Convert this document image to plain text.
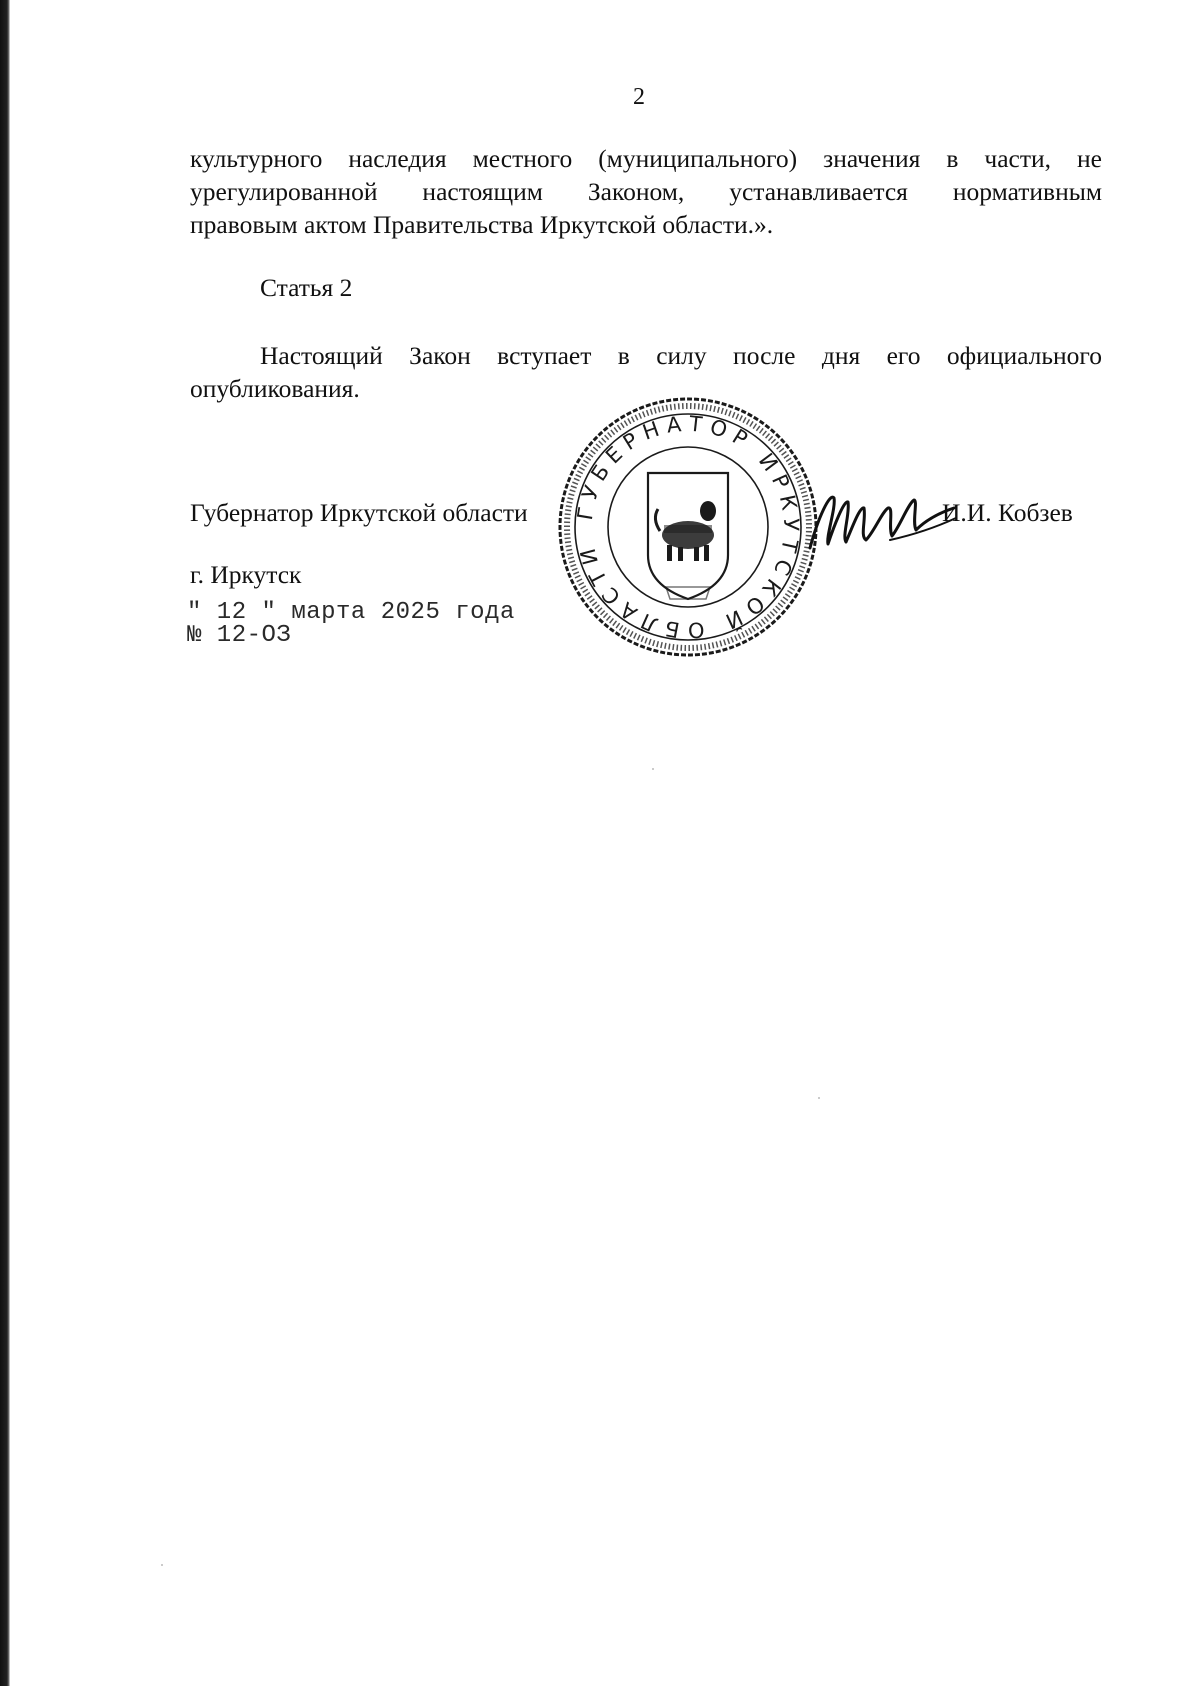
2
культурного наследия местного (муниципального) значения в части, не
урегулированной настоящим Законом, устанавливается нормативным
правовым актом Правительства Иркутской области.».
Статья 2
Настоящий Закон вступает в силу после дня его официального
опубликования.
Губернатор Иркутской области ГУБЕРНАТОР ИРКУТСКОЙ ОБЛАСТИ
И.И. Кобзев
г. Иркутск
" 12 " марта 2025 года
№ 12-ОЗ
